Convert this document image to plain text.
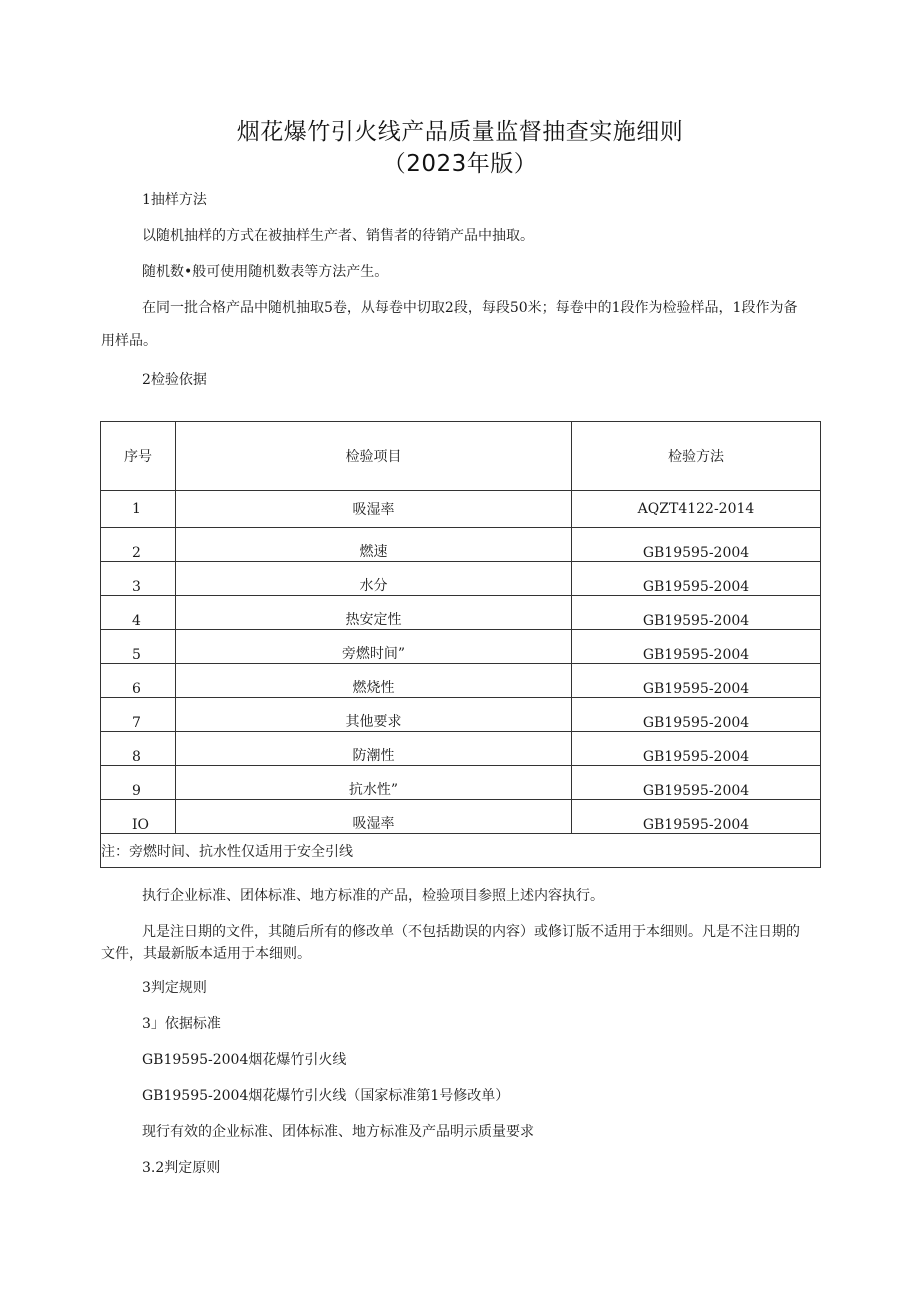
烟花爆竹引火线产品质量监督抽查实施细则
（2023年版）
1抽样方法
以随机抽样的方式在被抽样生产者、销售者的待销产品中抽取。
随机数•般可使用随机数表等方法产生。
在同一批合格产品中随机抽取5卷，从每卷中切取2段，每段50米；每卷中的1段作为检验样品，1段作为备用样品。
2检验依据
序号	检验项目	检验方法
1	吸湿率	AQZT4122-2014
2	燃速	GB19595-2004
3	水分	GB19595-2004
4	热安定性	GB19595-2004
5	旁燃时间”	GB19595-2004
6	燃烧性	GB19595-2004
7	其他要求	GB19595-2004
8	防潮性	GB19595-2004
9	抗水性”	GB19595-2004
IO	吸湿率	GB19595-2004
注：旁燃时间、抗水性仅适用于安全引线		
执行企业标准、团体标准、地方标准的产品，检验项目参照上述内容执行。
凡是注日期的文件，其随后所有的修改单（不包括勘误的内容）或修订版不适用于本细则。凡是不注日期的文件，其最新版本适用于本细则。
3判定规则
3」依据标准
GB19595-2004烟花爆竹引火线
GB19595-2004烟花爆竹引火线（国家标准第1号修改单）
现行有效的企业标准、团体标准、地方标准及产品明示质量要求
3.2判定原则
